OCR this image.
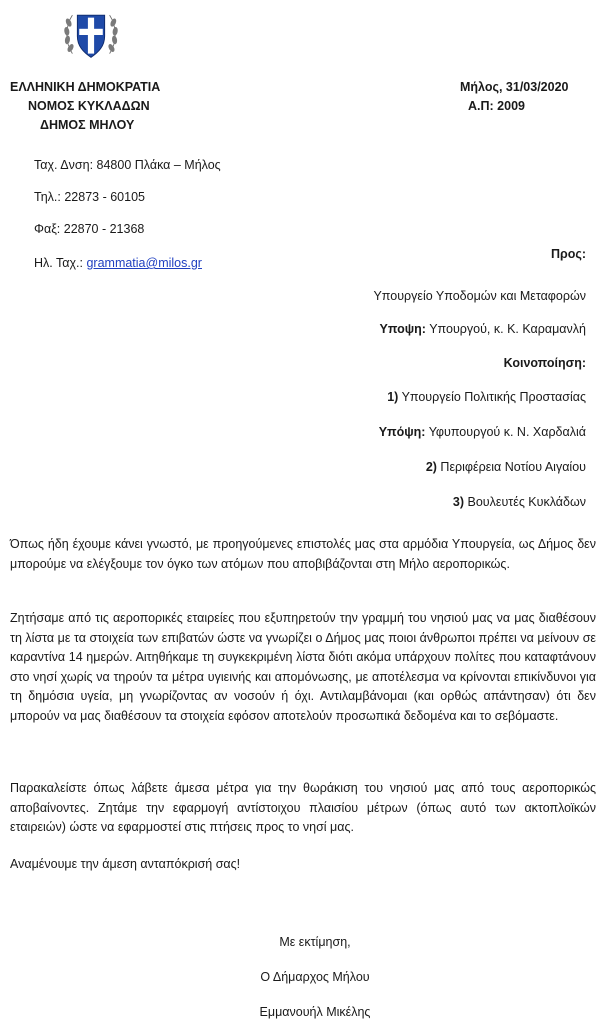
ΕΛΛΗΝΙΚΗ ΔΗΜΟΚΡΑΤΙΑ
ΝΟΜΟΣ ΚΥΚΛΑΔΩΝ
ΔΗΜΟΣ ΜΗΛΟΥ
Μήλος, 31/03/2020
Α.Π: 2009
Ταχ. Δνση: 84800 Πλάκα – Μήλος
Τηλ.: 22873 - 60105
Φαξ: 22870 - 21368
Ηλ. Ταχ.: grammatia@milos.gr
Προς:
Υπουργείο Υποδομών και Μεταφορών
Υποψη: Υπουργού, κ. Κ. Καραμανλή
Κοινοποίηση:
1) Υπουργείο Πολιτικής Προστασίας
Υπόψη: Υφυπουργού κ. Ν. Χαρδαλιά
2) Περιφέρεια Νοτίου Αιγαίου
3) Βουλευτές Κυκλάδων
Όπως ήδη έχουμε κάνει γνωστό, με προηγούμενες επιστολές μας στα αρμόδια Υπουργεία, ως Δήμος δεν μπορούμε να ελέγξουμε τον όγκο των ατόμων που αποβιβάζονται στη Μήλο αεροπορικώς.
Ζητήσαμε από τις αεροπορικές εταιρείες που εξυπηρετούν την γραμμή του νησιού μας να μας διαθέσουν τη λίστα με τα στοιχεία των επιβατών ώστε να γνωρίζει ο Δήμος μας ποιοι άνθρωποι πρέπει να μείνουν σε καραντίνα 14 ημερών. Αιτηθήκαμε τη συγκεκριμένη λίστα διότι ακόμα υπάρχουν πολίτες που καταφτάνουν στο νησί χωρίς να τηρούν τα μέτρα υγιεινής και απομόνωσης, με αποτέλεσμα να κρίνονται επικίνδυνοι για τη δημόσια υγεία, μη γνωρίζοντας αν νοσούν ή όχι. Αντιλαμβάνομαι (και ορθώς απάντησαν) ότι δεν μπορούν να μας διαθέσουν τα στοιχεία εφόσον αποτελούν προσωπικά δεδομένα και το σεβόμαστε.
Παρακαλείστε όπως λάβετε άμεσα μέτρα για την θωράκιση του νησιού μας από τους αεροπορικώς αποβαίνοντες. Ζητάμε την εφαρμογή αντίστοιχου πλαισίου μέτρων (όπως αυτό των ακτοπλοϊκών εταιρειών) ώστε να εφαρμοστεί στις πτήσεις προς το νησί μας.
Αναμένουμε την άμεση ανταπόκρισή σας!
Με εκτίμηση,
Ο Δήμαρχος Μήλου
Εμμανουήλ Μικέλης
